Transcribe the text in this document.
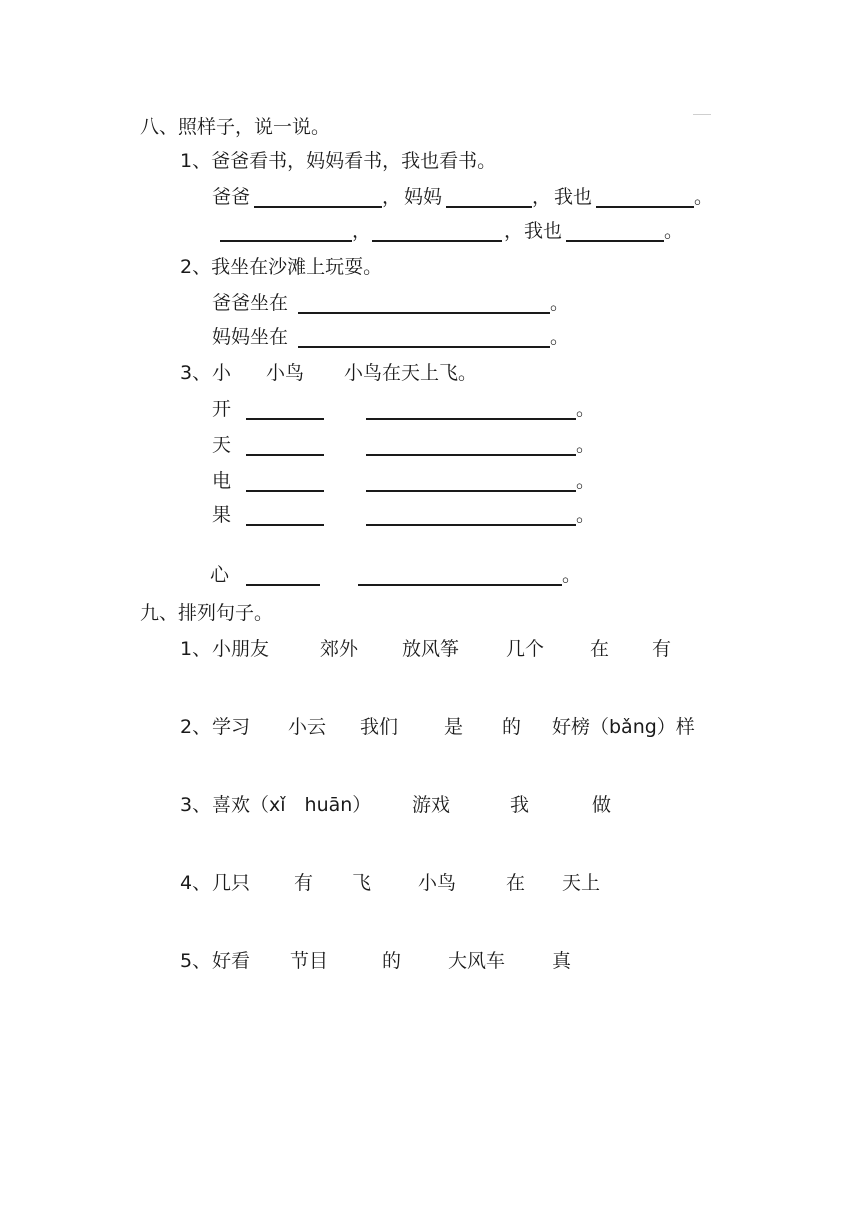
八、照样子，说一说。
1、爸爸看书，妈妈看书，我也看书。
爸爸	， 妈妈	， 我也	。
，	， 我也	。
2、我坐在沙滩上玩耍。
爸爸坐在	。
妈妈坐在	。
3、 小 小鸟 小鸟在天上飞。
开	。
天	。
电	。
果	。
心	。
九、排列句子。
1、 小朋友	郊外 放风筝 几个 在 有
2、 学习 小云 我们 是 的 好榜（bǎng）样
3、 喜欢（xǐ　huān） 游戏	我	做
4、 几只 有 飞 小鸟	在 天上
5、 好看 节目	的 大风车 真
